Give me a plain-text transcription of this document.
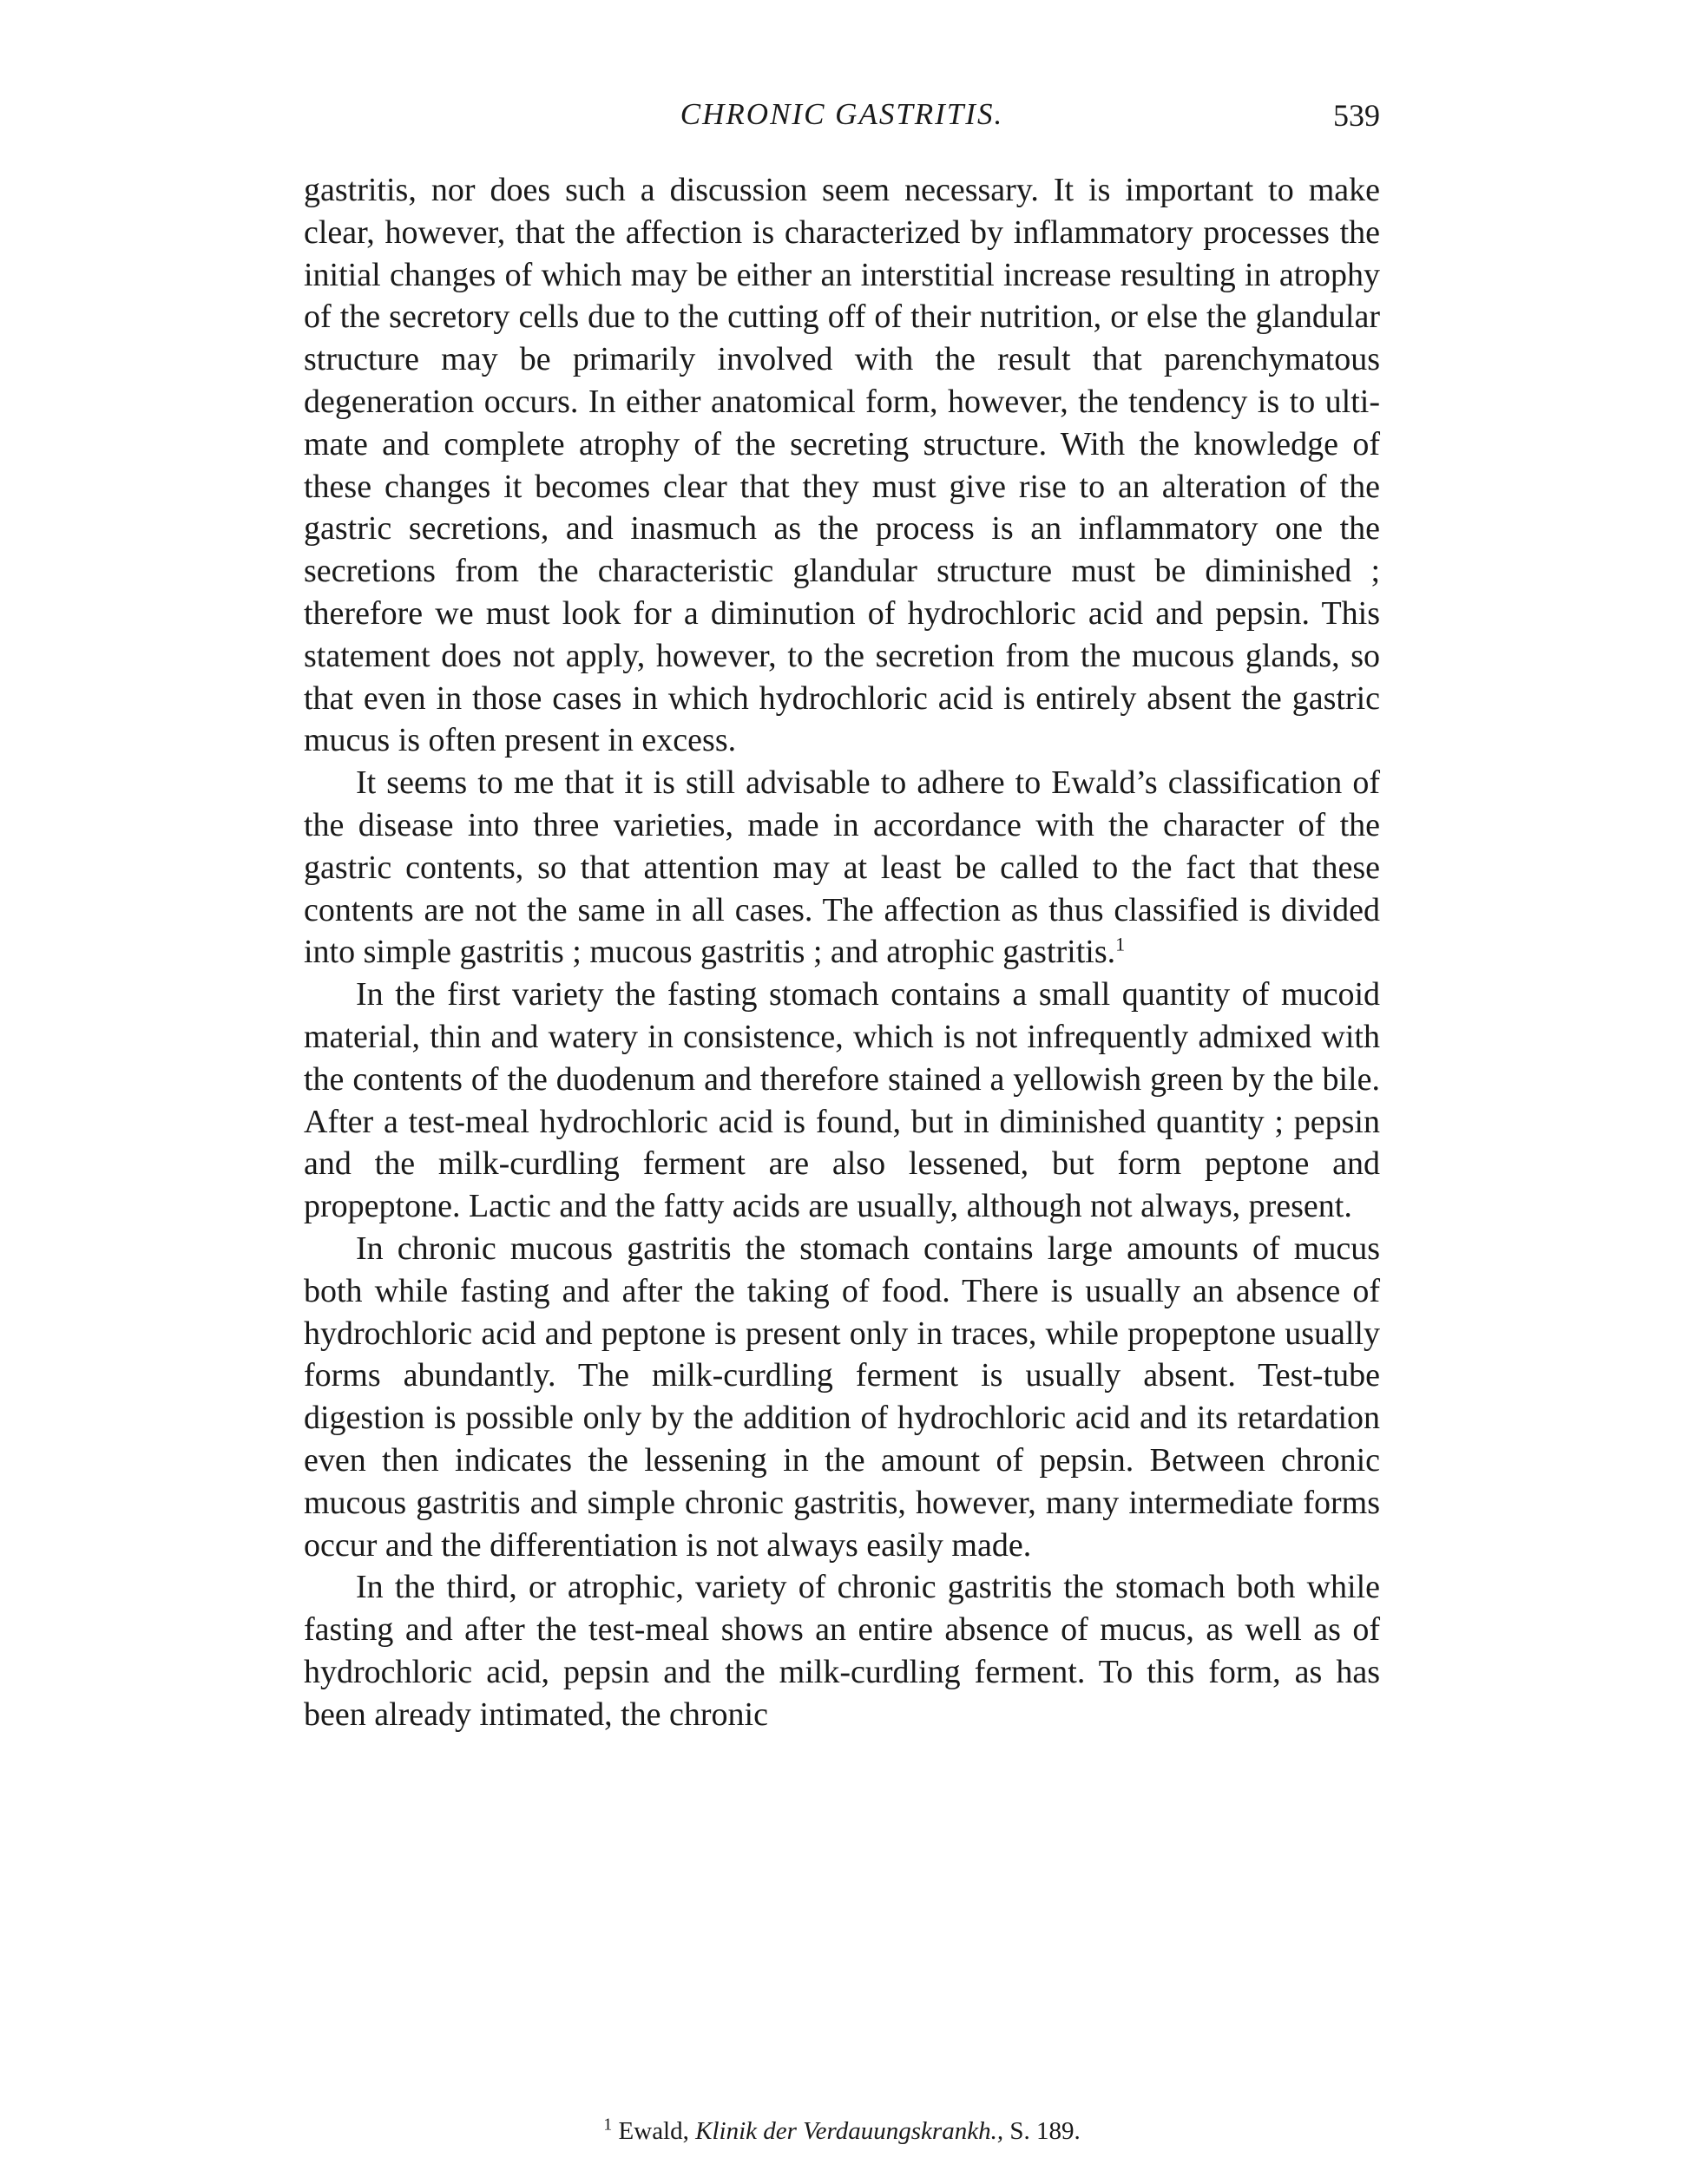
CHRONIC GASTRITIS.	539

gastritis, nor does such a discussion seem necessary. It is important to make clear, however, that the affection is characterized by inflammatory processes the initial changes of which may be either an interstitial increase resulting in atrophy of the secretory cells due to the cutting off of their nutrition, or else the glandular structure may be primarily involved with the result that parenchymatous degeneration occurs. In either anatomical form, however, the tendency is to ultimate and complete atrophy of the secreting structure. With the knowledge of these changes it becomes clear that they must give rise to an alteration of the gastric secretions, and inasmuch as the process is an inflammatory one the secretions from the characteristic glandular structure must be diminished ; therefore we must look for a diminution of hydrochloric acid and pepsin. This statement does not apply, however, to the secretion from the mucous glands, so that even in those cases in which hydrochloric acid is entirely absent the gastric mucus is often present in excess.

It seems to me that it is still advisable to adhere to Ewald’s classification of the disease into three varieties, made in accordance with the character of the gastric contents, so that attention may at least be called to the fact that these contents are not the same in all cases. The affection as thus classified is divided into simple gastritis ; mucous gastritis ; and atrophic gastritis.$^1$

In the first variety the fasting stomach contains a small quantity of mucoid material, thin and watery in consistence, which is not infrequently admixed with the contents of the duodenum and therefore stained a yellowish green by the bile. After a test-meal hydrochloric acid is found, but in diminished quantity ; pepsin and the milk-curdling ferment are also lessened, but form peptone and propeptone. Lactic and the fatty acids are usually, although not always, present.

In chronic mucous gastritis the stomach contains large amounts of mucus both while fasting and after the taking of food. There is usually an absence of hydrochloric acid and peptone is present only in traces, while propeptone usually forms abundantly. The milk-curdling ferment is usually absent. Test-tube digestion is possible only by the addition of hydrochloric acid and its retardation even then indicates the lessening in the amount of pepsin. Between chronic mucous gastritis and simple chronic gastritis, however, many intermediate forms occur and the differentiation is not always easily made.

In the third, or atrophic, variety of chronic gastritis the stomach both while fasting and after the test-meal shows an entire absence of mucus, as well as of hydrochloric acid, pepsin and the milk-curdling ferment. To this form, as has been already intimated, the chronic

$^1$ Ewald, Klinik der Verdauungskrankh., S. 189.
